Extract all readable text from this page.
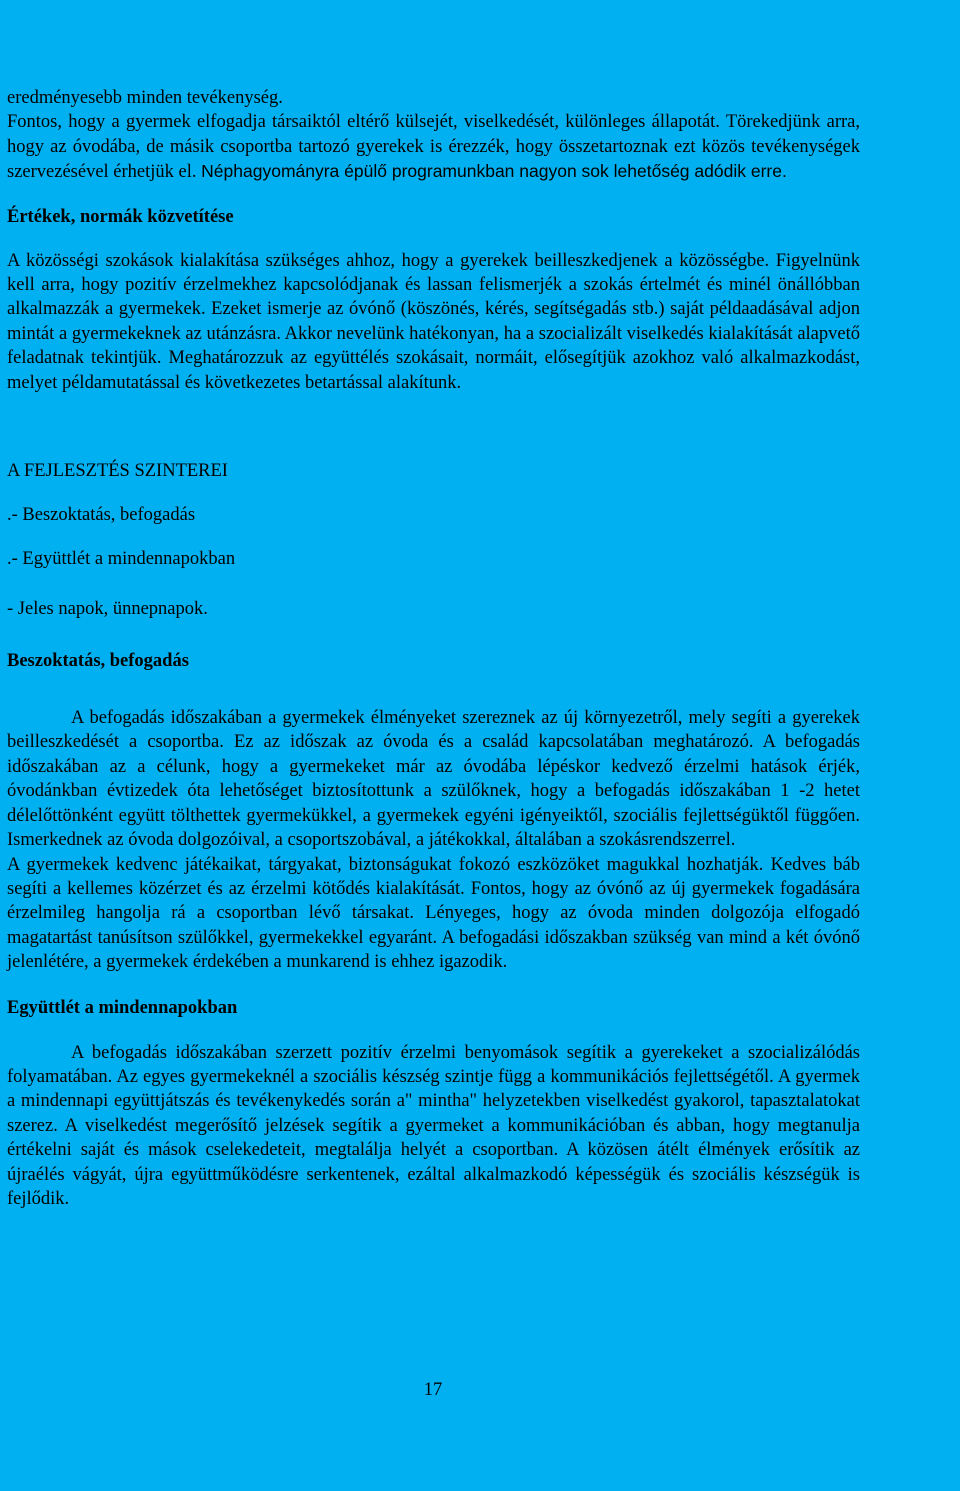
eredményesebb minden tevékenység.

Fontos, hogy a gyermek elfogadja társaiktól eltérő külsejét, viselkedését, különleges állapotát. Törekedjünk arra, hogy az óvodába, de másik csoportba tartozó gyerekek is érezzék, hogy összetartoznak ezt közös tevékenységek szervezésével érhetjük el. Néphagyományra épülő programunkban nagyon sok lehetőség adódik erre.

Értékek, normák közvetítése

A közösségi szokások kialakítása szükséges ahhoz, hogy a gyerekek beilleszkedjenek a közösségbe. Figyelnünk kell arra, hogy pozitív érzelmekhez kapcsolódjanak és lassan felismerjék a szokás értelmét és minél önállóbban alkalmazzák a gyermekek. Ezeket ismerje az óvónő (köszönés, kérés, segítségadás stb.) saját példaadásával adjon mintát a gyermekeknek az utánzásra. Akkor nevelünk hatékonyan, ha a szocializált viselkedés kialakítását alapvető feladatnak tekintjük. Meghatározzuk az együttélés szokásait, normáit, elősegítjük azokhoz való alkalmazkodást, melyet példamutatással és következetes betartással alakítunk.

A FEJLESZTÉS SZINTEREI

.- Beszoktatás, befogadás

.- Együttlét a mindennapokban

- Jeles napok, ünnepnapok.

Beszoktatás, befogadás

A befogadás időszakában a gyermekek élményeket szereznek az új környezetről, mely segíti a gyerekek beilleszkedését a csoportba. Ez az időszak az óvoda és a család kapcsolatában meghatározó. A befogadás időszakában az a célunk, hogy a gyermekeket már az óvodába lépéskor kedvező érzelmi hatások érjék, óvodánkban évtizedek óta lehetőséget biztosítottunk a szülőknek, hogy a befogadás időszakában 1 -2 hetet délelőttönként együtt tölthettek gyermekükkel, a gyermekek egyéni igényeiktől, szociális fejlettségüktől függően. Ismerkednek az óvoda dolgozóival, a csoportszobával, a játékokkal, általában a szokásrendszerrel.

A gyermekek kedvenc játékaikat, tárgyakat, biztonságukat fokozó eszközöket magukkal hozhatják. Kedves báb segíti a kellemes közérzet és az érzelmi kötődés kialakítását. Fontos, hogy az óvónő az új gyermekek fogadására érzelmileg hangolja rá a csoportban lévő társakat. Lényeges, hogy az óvoda minden dolgozója elfogadó magatartást tanúsítson szülőkkel, gyermekekkel egyaránt. A befogadási időszakban szükség van mind a két óvónő jelenlétére, a gyermekek érdekében a munkarend is ehhez igazodik.

Együttlét a mindennapokban

A befogadás időszakában szerzett pozitív érzelmi benyomások segítik a gyerekeket a szocializálódás folyamatában. Az egyes gyermekeknél a szociális készség szintje függ a kommunikációs fejlettségétől. A gyermek a mindennapi együttjátszás és tevékenykedés során a" mintha" helyzetekben viselkedést gyakorol, tapasztalatokat szerez. A viselkedést megerősítő jelzések segítik a gyermeket a kommunikációban és abban, hogy megtanulja értékelni saját és mások cselekedeteit, megtalálja helyét a csoportban. A közösen átélt élmények erősítik az újraélés vágyát, újra együttműködésre serkentenek, ezáltal alkalmazkodó képességük és szociális készségük is fejlődik.

17
